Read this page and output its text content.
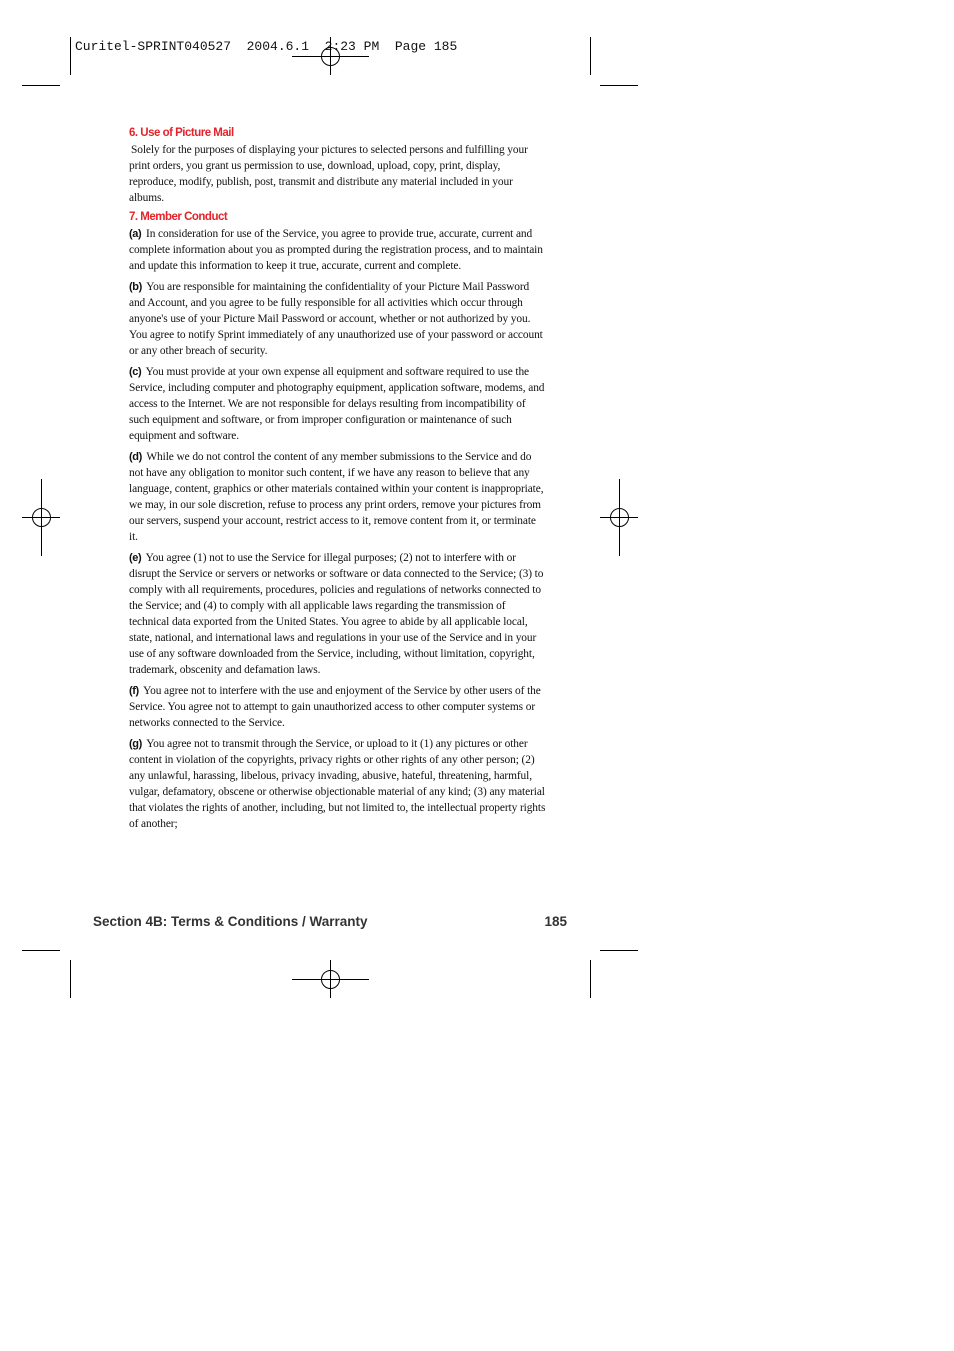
Curitel-SPRINT040527  2004.6.1  2:23 PM  Page 185
6. Use of Picture Mail

Solely for the purposes of displaying your pictures to selected persons and fulfilling your print orders, you grant us permission to use, download, upload, copy, print, display, reproduce, modify, publish, post, transmit and distribute any material included in your albums.

7. Member Conduct

(a) In consideration for use of the Service, you agree to provide true, accurate, current and complete information about you as prompted during the registration process, and to maintain and update this information to keep it true, accurate, current and complete.

(b) You are responsible for maintaining the confidentiality of your Picture Mail Password and Account, and you agree to be fully responsible for all activities which occur through anyone's use of your Picture Mail Password or account, whether or not authorized by you. You agree to notify Sprint immediately of any unauthorized use of your password or account or any other breach of security.

(c) You must provide at your own expense all equipment and software required to use the Service, including computer and photography equipment, application software, modems, and access to the Internet. We are not responsible for delays resulting from incompatibility of such equipment and software, or from improper configuration or maintenance of such equipment and software.

(d) While we do not control the content of any member submissions to the Service and do not have any obligation to monitor such content, if we have any reason to believe that any language, content, graphics or other materials contained within your content is inappropriate, we may, in our sole discretion, refuse to process any print orders, remove your pictures from our servers, suspend your account, restrict access to it, remove content from it, or terminate it.

(e) You agree (1) not to use the Service for illegal purposes; (2) not to interfere with or disrupt the Service or servers or networks or software or data connected to the Service; (3) to comply with all requirements, procedures, policies and regulations of networks connected to the Service; and (4) to comply with all applicable laws regarding the transmission of technical data exported from the United States. You agree to abide by all applicable local, state, national, and international laws and regulations in your use of the Service and in your use of any software downloaded from the Service, including, without limitation, copyright, trademark, obscenity and defamation laws.

(f) You agree not to interfere with the use and enjoyment of the Service by other users of the Service. You agree not to attempt to gain unauthorized access to other computer systems or networks connected to the Service.

(g) You agree not to transmit through the Service, or upload to it (1) any pictures or other content in violation of the copyrights, privacy rights or other rights of any other person; (2) any unlawful, harassing, libelous, privacy invading, abusive, hateful, threatening, harmful, vulgar, defamatory, obscene or otherwise objectionable material of any kind; (3) any material that violates the rights of another, including, but not limited to, the intellectual property rights of another;

Section 4B: Terms & Conditions / Warranty	185
